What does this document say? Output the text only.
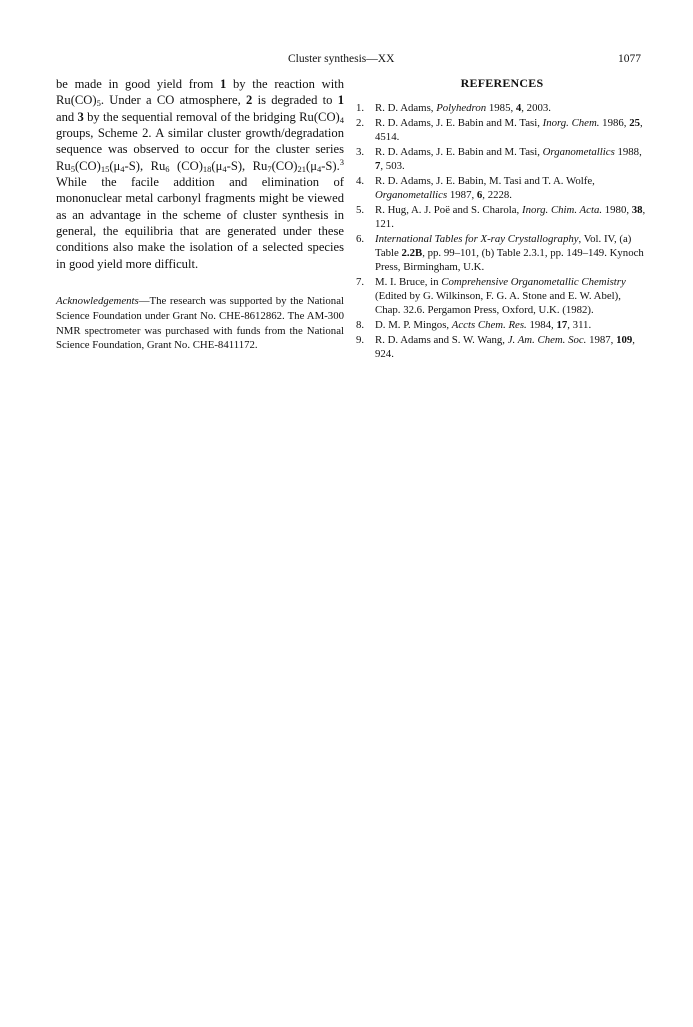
Cluster synthesis—XX	1077

be made in good yield from 1 by the reaction with $Ru(CO)_5$. Under a CO atmosphere, 2 is degraded to 1 and 3 by the sequential removal of the bridging $Ru(CO)_4$ groups, Scheme 2. A similar cluster growth/degradation sequence was observed to occur for the cluster series $Ru_5(CO)_{15}(\mu_4-S)$, $Ru_6$ $(CO)_{18}(\mu_4-S)$, $Ru_7(CO)_{21}(\mu_4-S).^3$ While the facile addition and elimination of mononuclear metal carbonyl fragments might be viewed as an advantage in the scheme of cluster synthesis in general, the equilibria that are generated under these conditions also make the isolation of a selected species in good yield more difficult.

Acknowledgements—The research was supported by the National Science Foundation under Grant No. CHE-8612862. The AM-300 NMR spectrometer was purchased with funds from the National Science Foundation, Grant No. CHE-8411172.

REFERENCES
1. R. D. Adams, Polyhedron 1985, 4, 2003.
2. R. D. Adams, J. E. Babin and M. Tasi, Inorg. Chem. 1986, 25, 4514.
3. R. D. Adams, J. E. Babin and M. Tasi, Organometallics 1988, 7, 503.
4. R. D. Adams, J. E. Babin, M. Tasi and T. A. Wolfe, Organometallics 1987, 6, 2228.
5. R. Hug, A. J. Poë and S. Charola, Inorg. Chim. Acta. 1980, 38, 121.
6. International Tables for X-ray Crystallography, Vol. IV, (a) Table 2.2B, pp. 99–101, (b) Table 2.3.1, pp. 149–149. Kynoch Press, Birmingham, U.K.
7. M. I. Bruce, in Comprehensive Organometallic Chemistry (Edited by G. Wilkinson, F. G. A. Stone and E. W. Abel), Chap. 32.6. Pergamon Press, Oxford, U.K. (1982).
8. D. M. P. Mingos, Accts Chem. Res. 1984, 17, 311.
9. R. D. Adams and S. W. Wang, J. Am. Chem. Soc. 1987, 109, 924.
